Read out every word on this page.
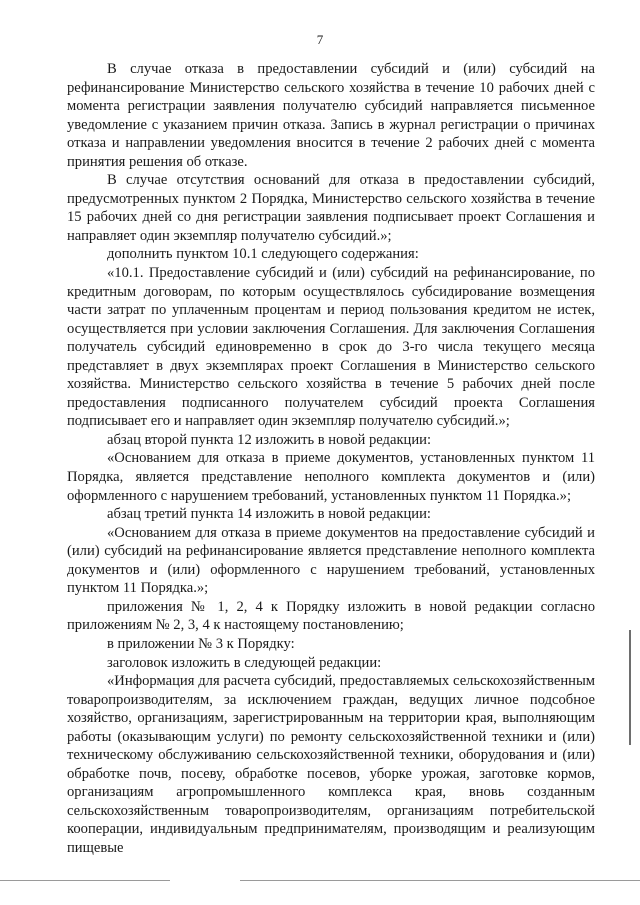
7

В случае отказа в предоставлении субсидий и (или) субсидий на рефинансирование Министерство сельского хозяйства в течение 10 рабочих дней с момента регистрации заявления получателю субсидий направляется письменное уведомление с указанием причин отказа. Запись в журнал регистрации о причинах отказа и направлении уведомления вносится в течение 2 рабочих дней с момента принятия решения об отказе.

В случае отсутствия оснований для отказа в предоставлении субсидий, предусмотренных пунктом 2 Порядка, Министерство сельского хозяйства в течение 15 рабочих дней со дня регистрации заявления подписывает проект Соглашения и направляет один экземпляр получателю субсидий.»;

дополнить пунктом 10.1 следующего содержания:

«10.1. Предоставление субсидий и (или) субсидий на рефинансирование, по кредитным договорам, по которым осуществлялось субсидирование возмещения части затрат по уплаченным процентам и период пользования кредитом не истек, осуществляется при условии заключения Соглашения. Для заключения Соглашения получатель субсидий единовременно в срок до 3-го числа текущего месяца представляет в двух экземплярах проект Соглашения в Министерство сельского хозяйства. Министерство сельского хозяйства в течение 5 рабочих дней после предоставления подписанного получателем субсидий проекта Соглашения подписывает его и направляет один экземпляр получателю субсидий.»;

абзац второй пункта 12 изложить в новой редакции:

«Основанием для отказа в приеме документов, установленных пунктом 11 Порядка, является представление неполного комплекта документов и (или) оформленного с нарушением требований, установленных пунктом 11 Порядка.»;

абзац третий пункта 14 изложить в новой редакции:

«Основанием для отказа в приеме документов на предоставление субсидий и (или) субсидий на рефинансирование является представление неполного комплекта документов и (или) оформленного с нарушением требований, установленных пунктом 11 Порядка.»;

приложения № 1, 2, 4 к Порядку изложить в новой редакции согласно приложениям № 2, 3, 4 к настоящему постановлению;

в приложении № 3 к Порядку:

заголовок изложить в следующей редакции:

«Информация для расчета субсидий, предоставляемых сельскохозяйственным товаропроизводителям, за исключением граждан, ведущих личное подсобное хозяйство, организациям, зарегистрированным на территории края, выполняющим работы (оказывающим услуги) по ремонту сельскохозяйственной техники и (или) техническому обслуживанию сельскохозяйственной техники, оборудования и (или) обработке почв, посеву, обработке посевов, уборке урожая, заготовке кормов, организациям агропромышленного комплекса края, вновь созданным сельскохозяйственным товаропроизводителям, организациям потребительской кооперации, индивидуальным предпринимателям, производящим и реализующим пищевые
